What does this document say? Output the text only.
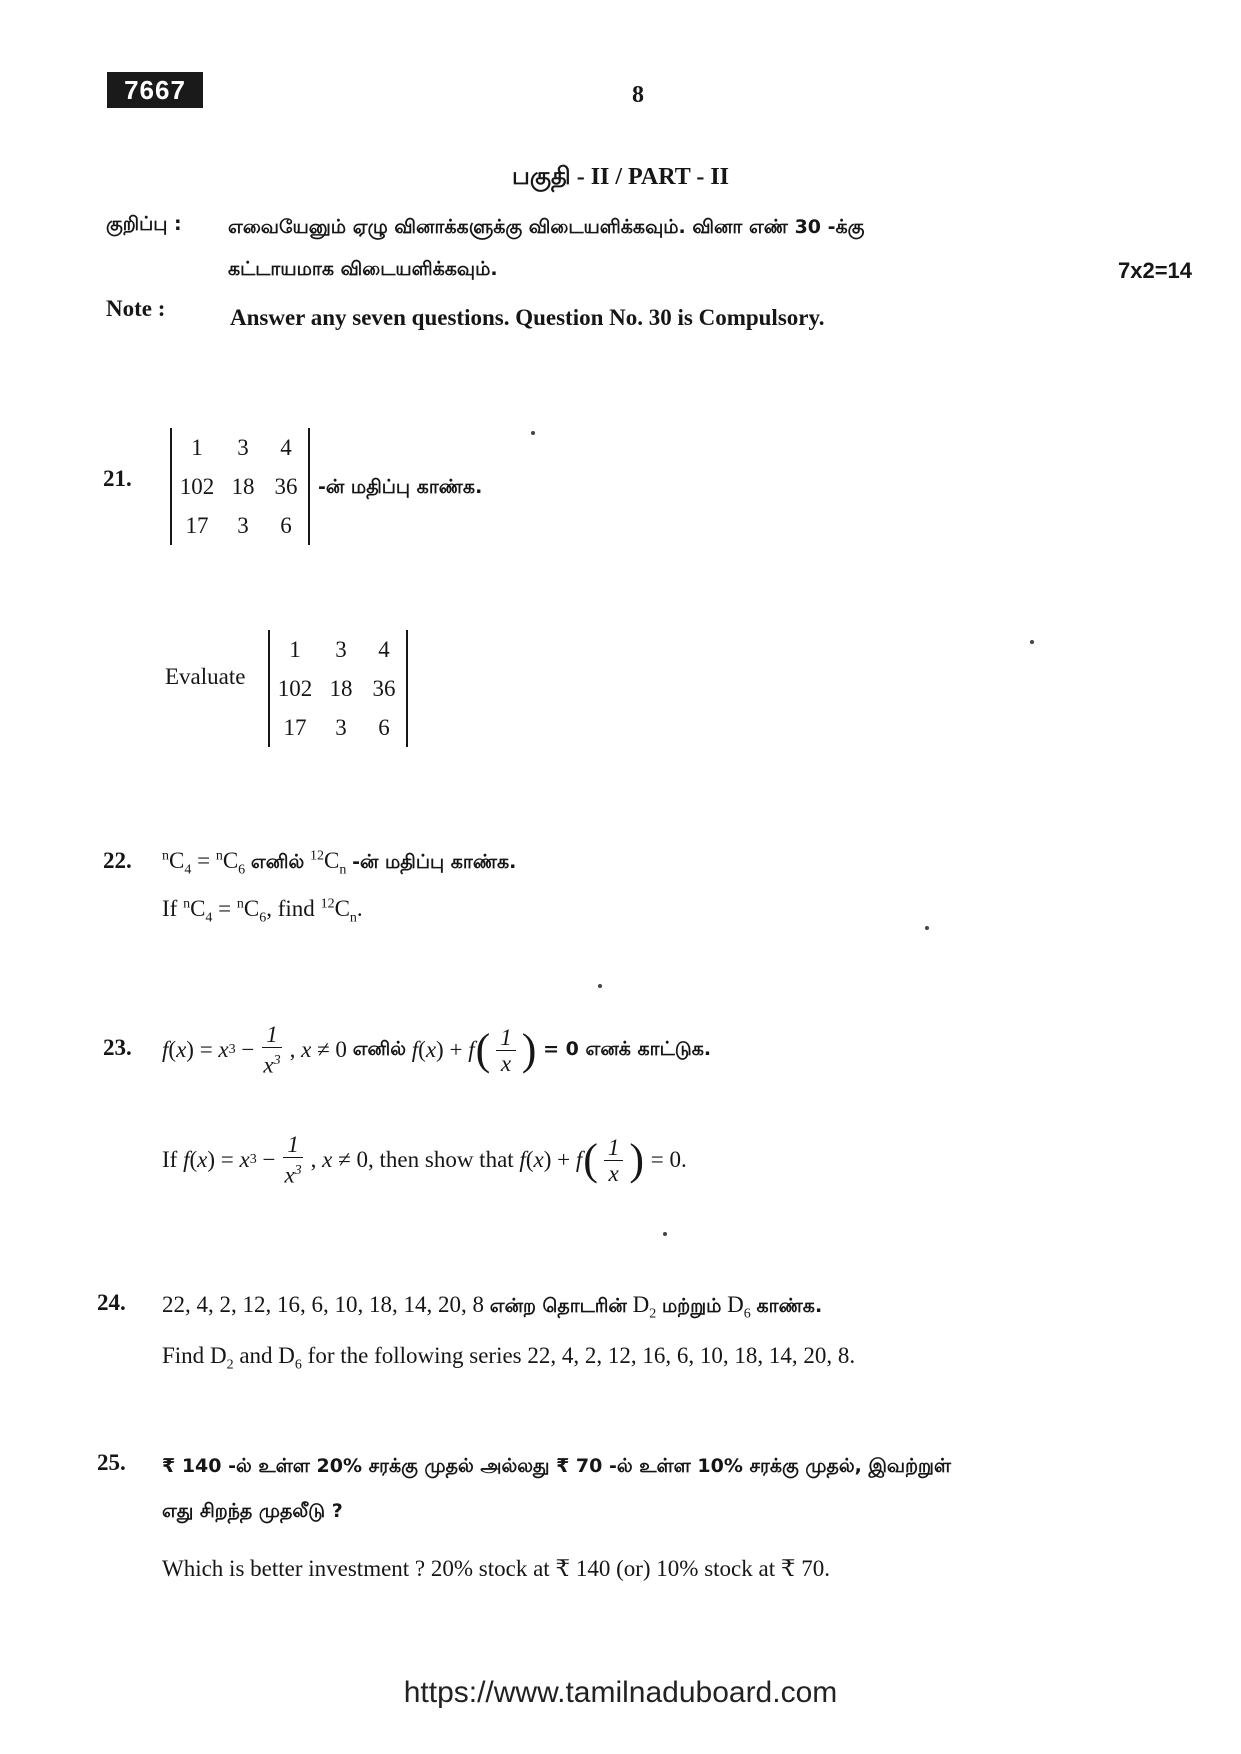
7667	8
பகுதி - II / PART - II
குறிப்பு : எவையேனும் ஏழு வினாக்களுக்கு விடையளிக்கவும். வினா எண் 30 -க்கு
கட்டாயமாக விடையளிக்கவும்.	7x2=14
Note :	Answer any seven questions. Question No. 30 is Compulsory.
21.
1	3	4
102 18 36
17	3	6
-ன் மதிப்பு காண்க.
Evaluate
1	3	4
102 18 36
17	3	6
22. $^nC_4 = ^nC_6$ எனில் $^{12}C_n$ -ன் மதிப்பு காண்க.
If $^nC_4 = ^nC_6$, find $^{12}C_n$.
23. f ( x ) = x $3 - \frac{1}{x^3}$ , x ≠ 0 எனில்
f ( x ) + f ( $\frac{1}{x}$ )
= 0 எனக் காட்டுக.
If
f ( x ) = x $3 - \frac{1}{x^3}$ , x ≠ 0, then show that
f ( x ) + f ( $\frac{1}{x}$ )
= 0.
24. 22, 4, 2, 12, 16, 6, 10, 18, 14, 20, 8 என்ற தொடரின் $D_2$ மற்றும் $D_6$ காண்க.
Find $D_2$ and $D_6$ for the following series 22, 4, 2, 12, 16, 6, 10, 18, 14, 20, 8.
25. ₹ 140 -ல் உள்ள 20% சரக்கு முதல் அல்லது ₹ 70 -ல் உள்ள 10% சரக்கு முதல், இவற்றுள்
எது சிறந்த முதலீடு ?
Which is better investment ? 20% stock at ₹ 140 (or) 10% stock at ₹ 70.
https://www.tamilnaduboard.com
